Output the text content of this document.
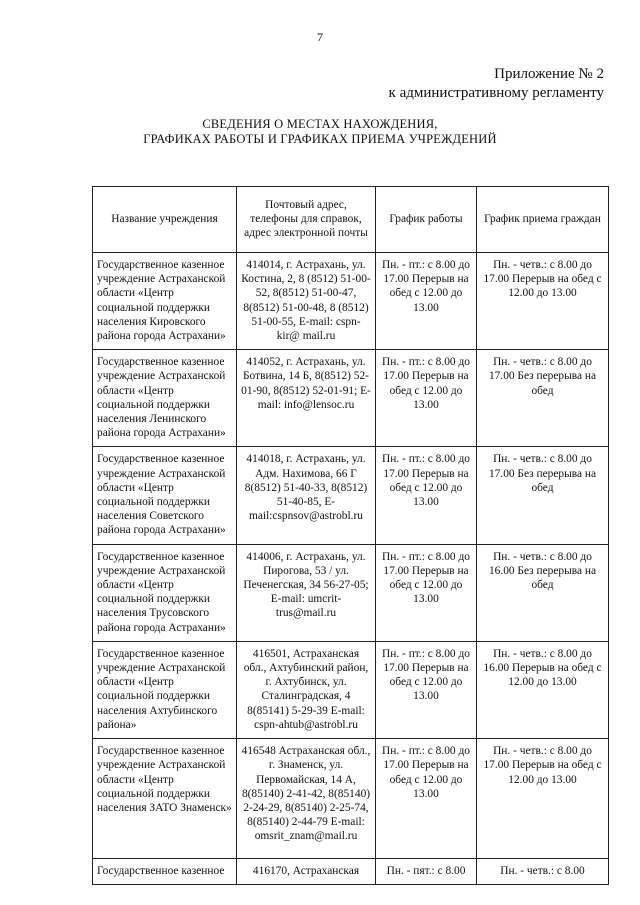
7
Приложение № 2
к административному регламенту
СВЕДЕНИЯ О МЕСТАХ НАХОЖДЕНИЯ,
ГРАФИКАХ РАБОТЫ И ГРАФИКАХ ПРИЕМА УЧРЕЖДЕНИЙ
Название учреждения	Почтовый адрес, телефоны для справок, адрес электронной почты	График работы	График приема граждан
Государственное казенное учреждение Астраханской области «Центр социальной поддержки населения Кировского района города Астрахани»	414014, г. Астрахань, ул. Костина, 2, 8 (8512) 51-00-52, 8(8512) 51-00-47, 8(8512) 51-00-48, 8 (8512) 51-00-55, E-mail: cspn-kir@ mail.ru	Пн. - пт.: с 8.00 до 17.00 Перерыв на обед с 12.00 до 13.00	Пн. - четв.: с 8.00 до 17.00 Перерыв на обед с 12.00 до 13.00
Государственное казенное учреждение Астраханской области «Центр социальной поддержки населения Ленинского района города Астрахани»	414052, г. Астрахань, ул. Ботвина, 14 Б, 8(8512) 52-01-90, 8(8512) 52-01-91; E-mail: info@lensoc.ru	Пн. - пт.: с 8.00 до 17.00 Перерыв на обед с 12.00 до 13.00	Пн. - четв.: с 8.00 до 17.00 Без перерыва на обед
Государственное казенное учреждение Астраханской области «Центр социальной поддержки населения Советского района города Астрахани»	414018, г. Астрахань, ул. Адм. Нахимова, 66 Г 8(8512) 51-40-33, 8(8512) 51-40-85, E-mail:cspnsov@astrobl.ru	Пн. - пт.: с 8.00 до 17.00 Перерыв на обед с 12.00 до 13.00	Пн. - четв.: с 8.00 до 17.00 Без перерыва на обед
Государственное казенное учреждение Астраханской области «Центр социальной поддержки населения Трусовского района города Астрахани»	414006, г. Астрахань, ул. Пирогова, 53 / ул. Печенегская, 34 56-27-05; E-mail: umcrit-trus@mail.ru	Пн. - пт.: с 8.00 до 17.00 Перерыв на обед с 12.00 до 13.00	Пн. - четв.: с 8.00 до 16.00 Без перерыва на обед
Государственное казенное учреждение Астраханской области «Центр социальной поддержки населения Ахтубинского района»	416501, Астраханская обл., Ахтубинский район, г. Ахтубинск, ул. Сталинградская, 4 8(85141) 5-29-39 E-mail: cspn-ahtub@astrobl.ru	Пн. - пт.: с 8.00 до 17.00 Перерыв на обед с 12.00 до 13.00	Пн. - четв.: с 8.00 до 16.00 Перерыв на обед с 12.00 до 13.00
Государственное казенное учреждение Астраханской области «Центр социальной поддержки населения ЗАТО Знаменск»	416548 Астраханская обл., г. Знаменск, ул. Первомайская, 14 А, 8(85140) 2-41-42, 8(85140) 2-24-29, 8(85140) 2-25-74, 8(85140) 2-44-79 E-mail: omsrit_znam@mail.ru	Пн. - пт.: с 8.00 до 17.00 Перерыв на обед с 12.00 до 13.00	Пн. - четв.: с 8.00 до 17.00 Перерыв на обед с 12.00 до 13.00
Государственное казенное	416170, Астраханская	Пн. - пят.: с 8.00	Пн. - четв.: с 8.00
